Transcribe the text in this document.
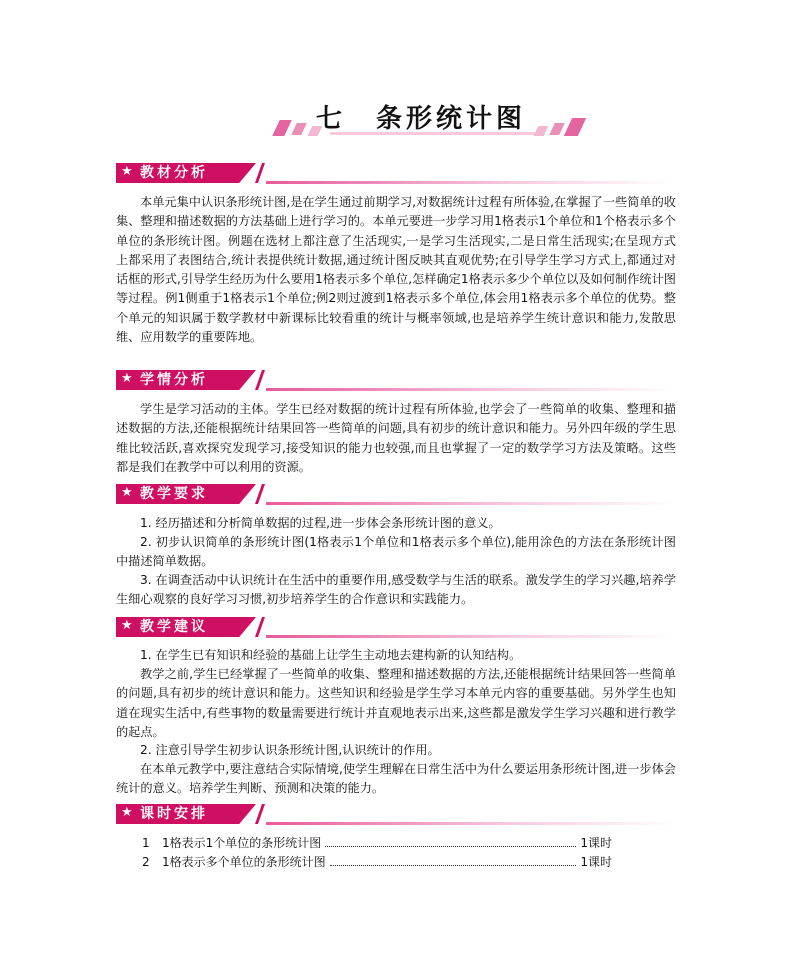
七 条形统计图
★ 教材分析

本单元集中认识条形统计图,是在学生通过前期学习,对数据统计过程有所体验,在掌握了一些简单的收集、整理和描述数据的方法基础上进行学习的。本单元要进一步学习用1格表示1个单位和1个格表示多个单位的条形统计图。例题在选材上都注意了生活现实,一是学习生活现实,二是日常生活现实;在呈现方式上都采用了表图结合,统计表提供统计数据,通过统计图反映其直观优势;在引导学生学习方式上,都通过对话框的形式,引导学生经历为什么要用1格表示多个单位,怎样确定1格表示多少个单位以及如何制作统计图等过程。例1侧重于1格表示1个单位;例2则过渡到1格表示多个单位,体会用1格表示多个单位的优势。整个单元的知识属于数学教材中新课标比较看重的统计与概率领域,也是培养学生统计意识和能力,发散思维、应用数学的重要阵地。

★ 学情分析

学生是学习活动的主体。学生已经对数据的统计过程有所体验,也学会了一些简单的收集、整理和描述数据的方法,还能根据统计结果回答一些简单的问题,具有初步的统计意识和能力。另外四年级的学生思维比较活跃,喜欢探究发现学习,接受知识的能力也较强,而且也掌握了一定的数学学习方法及策略。这些都是我们在教学中可以利用的资源。

★ 教学要求

1. 经历描述和分析简单数据的过程,进一步体会条形统计图的意义。

2. 初步认识简单的条形统计图(1格表示1个单位和1格表示多个单位),能用涂色的方法在条形统计图中描述简单数据。

3. 在调查活动中认识统计在生活中的重要作用,感受数学与生活的联系。激发学生的学习兴趣,培养学生细心观察的良好学习习惯,初步培养学生的合作意识和实践能力。

★ 教学建议

1. 在学生已有知识和经验的基础上让学生主动地去建构新的认知结构。

教学之前,学生已经掌握了一些简单的收集、整理和描述数据的方法,还能根据统计结果回答一些简单的问题,具有初步的统计意识和能力。这些知识和经验是学生学习本单元内容的重要基础。另外学生也知道在现实生活中,有些事物的数量需要进行统计并直观地表示出来,这些都是激发学生学习兴趣和进行教学的起点。

2. 注意引导学生初步认识条形统计图,认识统计的作用。

在本单元教学中,要注意结合实际情境,使学生理解在日常生活中为什么要运用条形统计图,进一步体会统计的意义。培养学生判断、预测和决策的能力。

★ 课时安排
1	1格表示1个单位的条形统计图	1课时
2	1格表示多个单位的条形统计图	1课时
